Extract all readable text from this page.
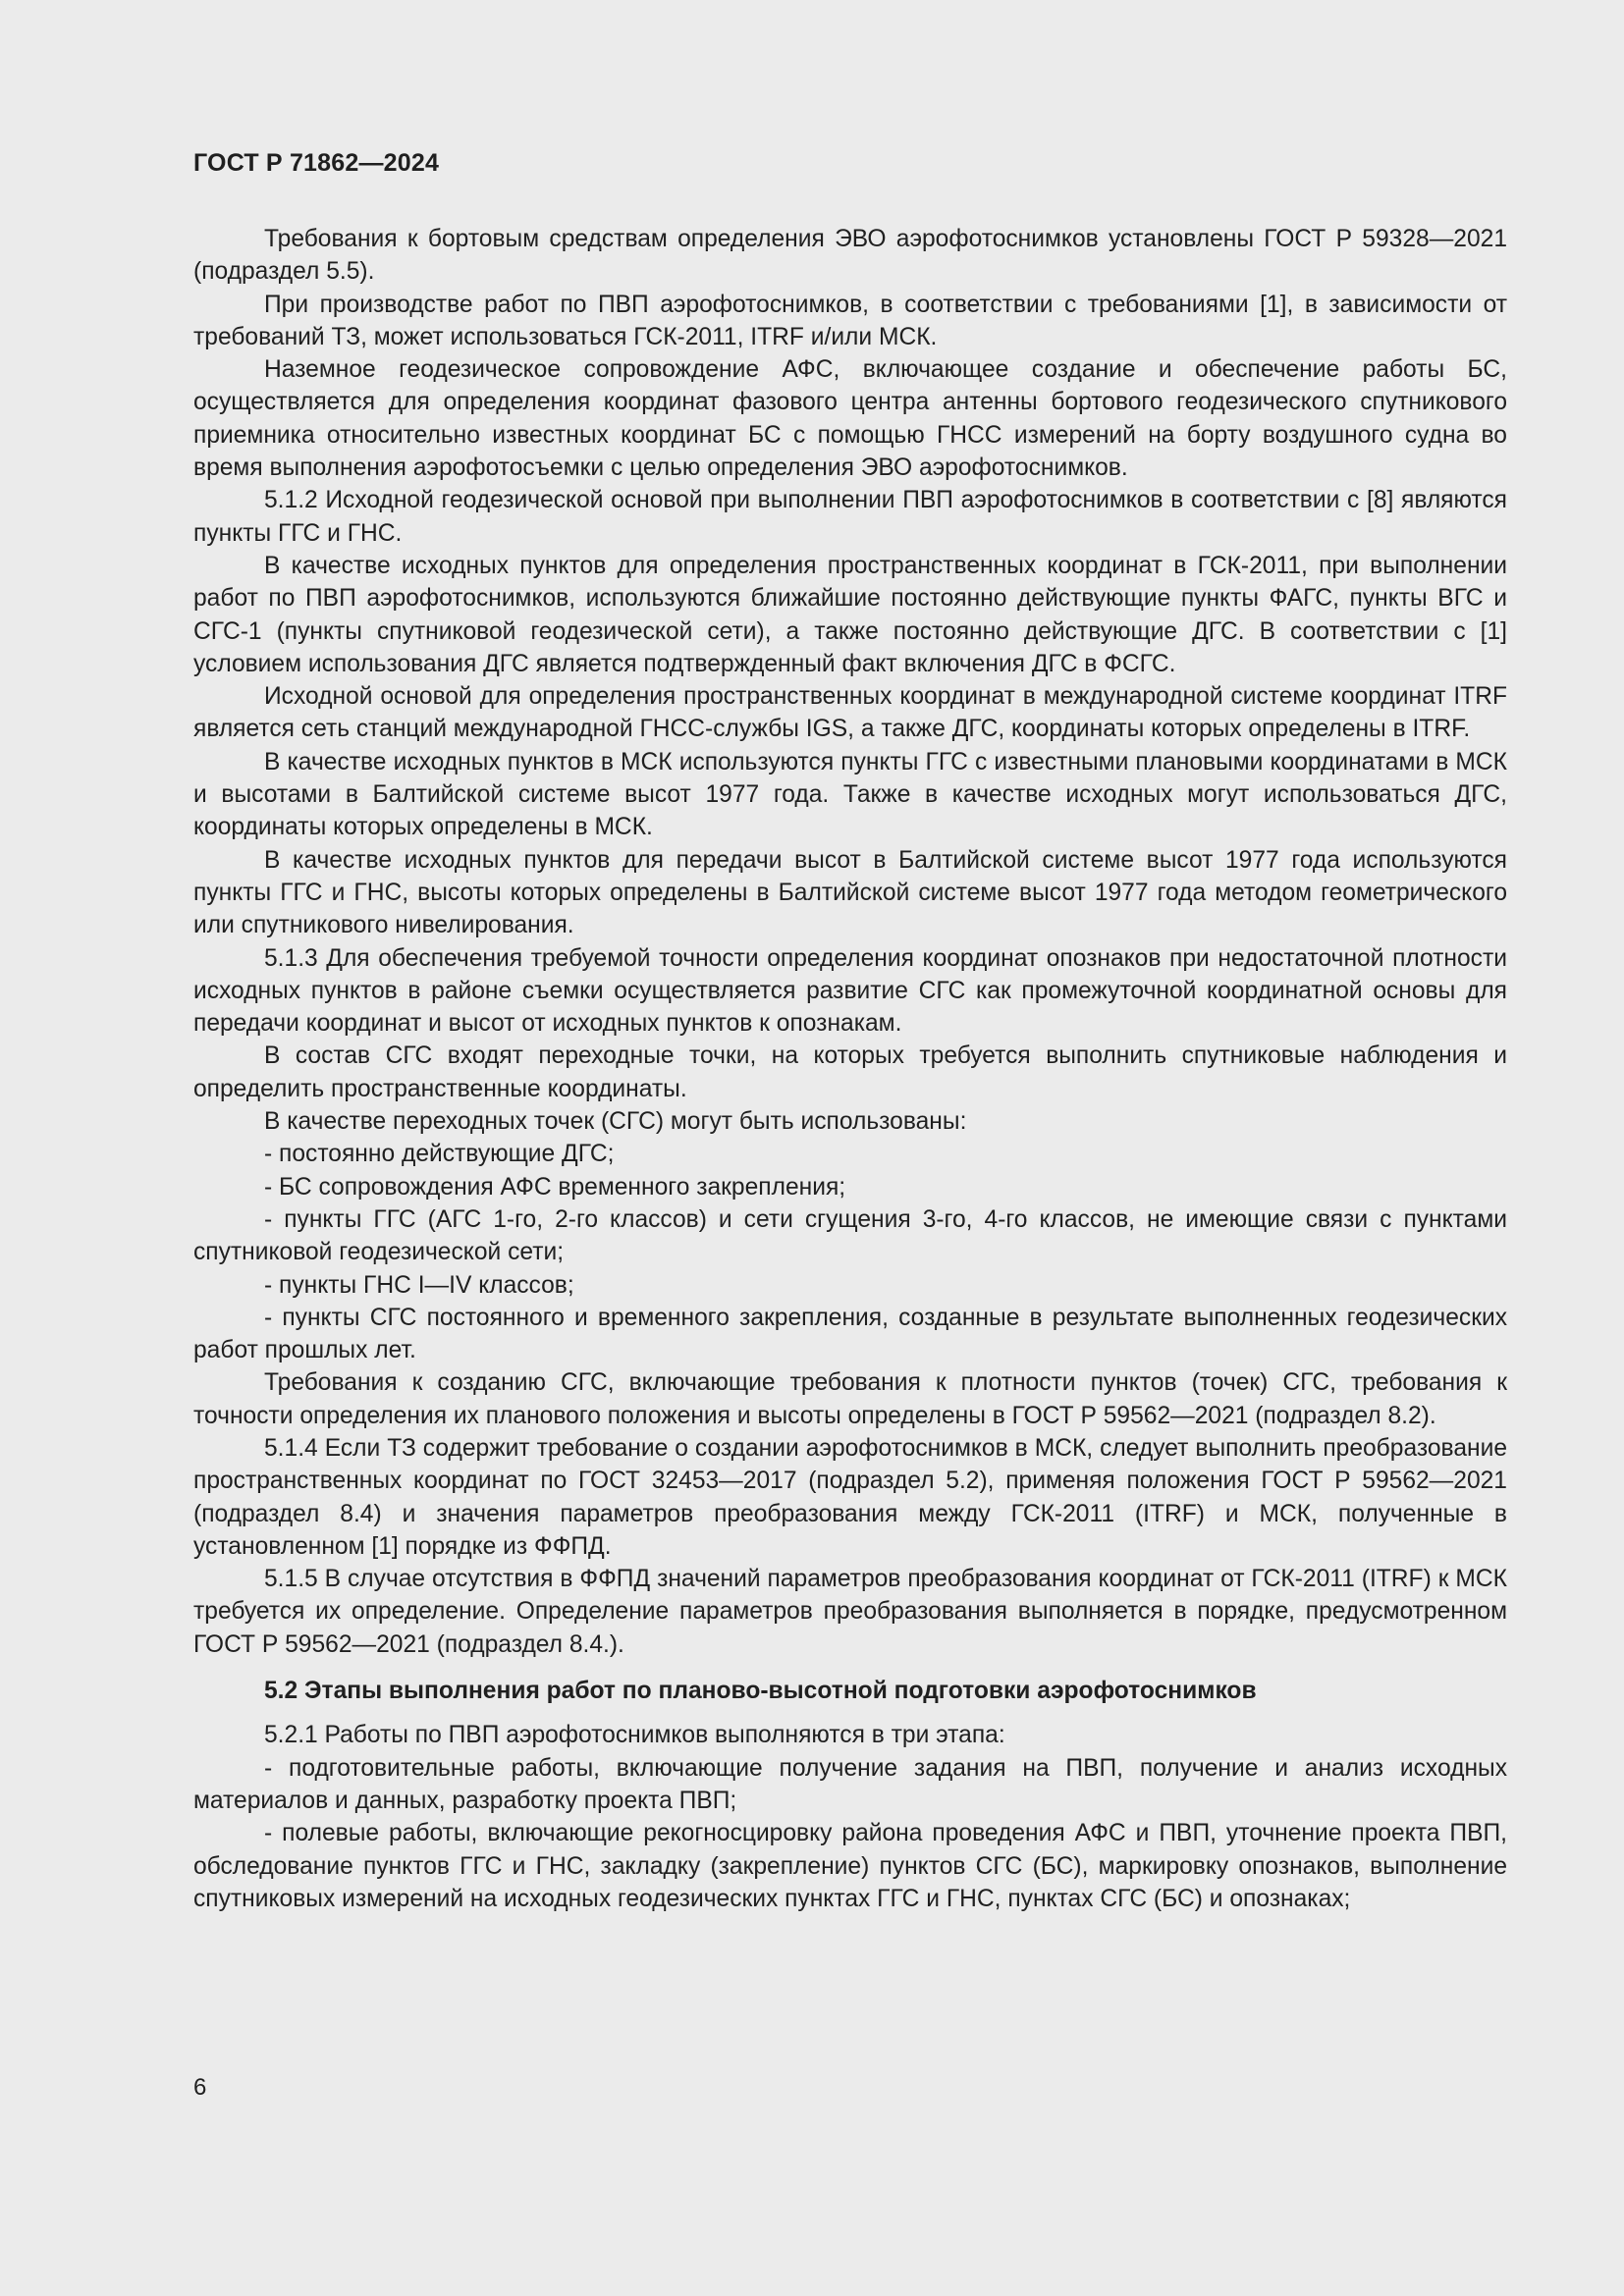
ГОСТ Р 71862—2024

Требования к бортовым средствам определения ЭВО аэрофотоснимков установлены ГОСТ Р 59328—2021 (подраздел 5.5).

При производстве работ по ПВП аэрофотоснимков, в соответствии с требованиями [1], в зависимости от требований ТЗ, может использоваться ГСК-2011, ITRF и/или МСК.

Наземное геодезическое сопровождение АФС, включающее создание и обеспечение работы БС, осуществляется для определения координат фазового центра антенны бортового геодезического спутникового приемника относительно известных координат БС с помощью ГНСС измерений на борту воздушного судна во время выполнения аэрофотосъемки с целью определения ЭВО аэрофотоснимков.

5.1.2 Исходной геодезической основой при выполнении ПВП аэрофотоснимков в соответствии с [8] являются пункты ГГС и ГНС.

В качестве исходных пунктов для определения пространственных координат в ГСК-2011, при выполнении работ по ПВП аэрофотоснимков, используются ближайшие постоянно действующие пункты ФАГС, пункты ВГС и СГС-1 (пункты спутниковой геодезической сети), а также постоянно действующие ДГС. В соответствии с [1] условием использования ДГС является подтвержденный факт включения ДГС в ФСГС.

Исходной основой для определения пространственных координат в международной системе координат ITRF является сеть станций международной ГНСС-службы IGS, а также ДГС, координаты которых определены в ITRF.

В качестве исходных пунктов в МСК используются пункты ГГС с известными плановыми координатами в МСК и высотами в Балтийской системе высот 1977 года. Также в качестве исходных могут использоваться ДГС, координаты которых определены в МСК.

В качестве исходных пунктов для передачи высот в Балтийской системе высот 1977 года используются пункты ГГС и ГНС, высоты которых определены в Балтийской системе высот 1977 года методом геометрического или спутникового нивелирования.

5.1.3 Для обеспечения требуемой точности определения координат опознаков при недостаточной плотности исходных пунктов в районе съемки осуществляется развитие СГС как промежуточной координатной основы для передачи координат и высот от исходных пунктов к опознакам.

В состав СГС входят переходные точки, на которых требуется выполнить спутниковые наблюдения и определить пространственные координаты.

В качестве переходных точек (СГС) могут быть использованы:

- постоянно действующие ДГС;

- БС сопровождения АФС временного закрепления;

- пункты ГГС (АГС 1-го, 2-го классов) и сети сгущения 3-го, 4-го классов, не имеющие связи с пунктами спутниковой геодезической сети;

- пункты ГНС I—IV классов;

- пункты СГС постоянного и временного закрепления, созданные в результате выполненных геодезических работ прошлых лет.

Требования к созданию СГС, включающие требования к плотности пунктов (точек) СГС, требования к точности определения их планового положения и высоты определены в ГОСТ Р 59562—2021 (подраздел 8.2).

5.1.4 Если ТЗ содержит требование о создании аэрофотоснимков в МСК, следует выполнить преобразование пространственных координат по ГОСТ 32453—2017 (подраздел 5.2), применяя положения ГОСТ Р 59562—2021 (подраздел 8.4) и значения параметров преобразования между ГСК-2011 (ITRF) и МСК, полученные в установленном [1] порядке из ФФПД.

5.1.5 В случае отсутствия в ФФПД значений параметров преобразования координат от ГСК-2011 (ITRF) к МСК требуется их определение. Определение параметров преобразования выполняется в порядке, предусмотренном ГОСТ Р 59562—2021 (подраздел 8.4.).

5.2 Этапы выполнения работ по планово-высотной подготовки аэрофотоснимков

5.2.1 Работы по ПВП аэрофотоснимков выполняются в три этапа:

- подготовительные работы, включающие получение задания на ПВП, получение и анализ исходных материалов и данных, разработку проекта ПВП;

- полевые работы, включающие рекогносцировку района проведения АФС и ПВП, уточнение проекта ПВП, обследование пунктов ГГС и ГНС, закладку (закрепление) пунктов СГС (БС), маркировку опознаков, выполнение спутниковых измерений на исходных геодезических пунктах ГГС и ГНС, пунктах СГС (БС) и опознаках;

6
